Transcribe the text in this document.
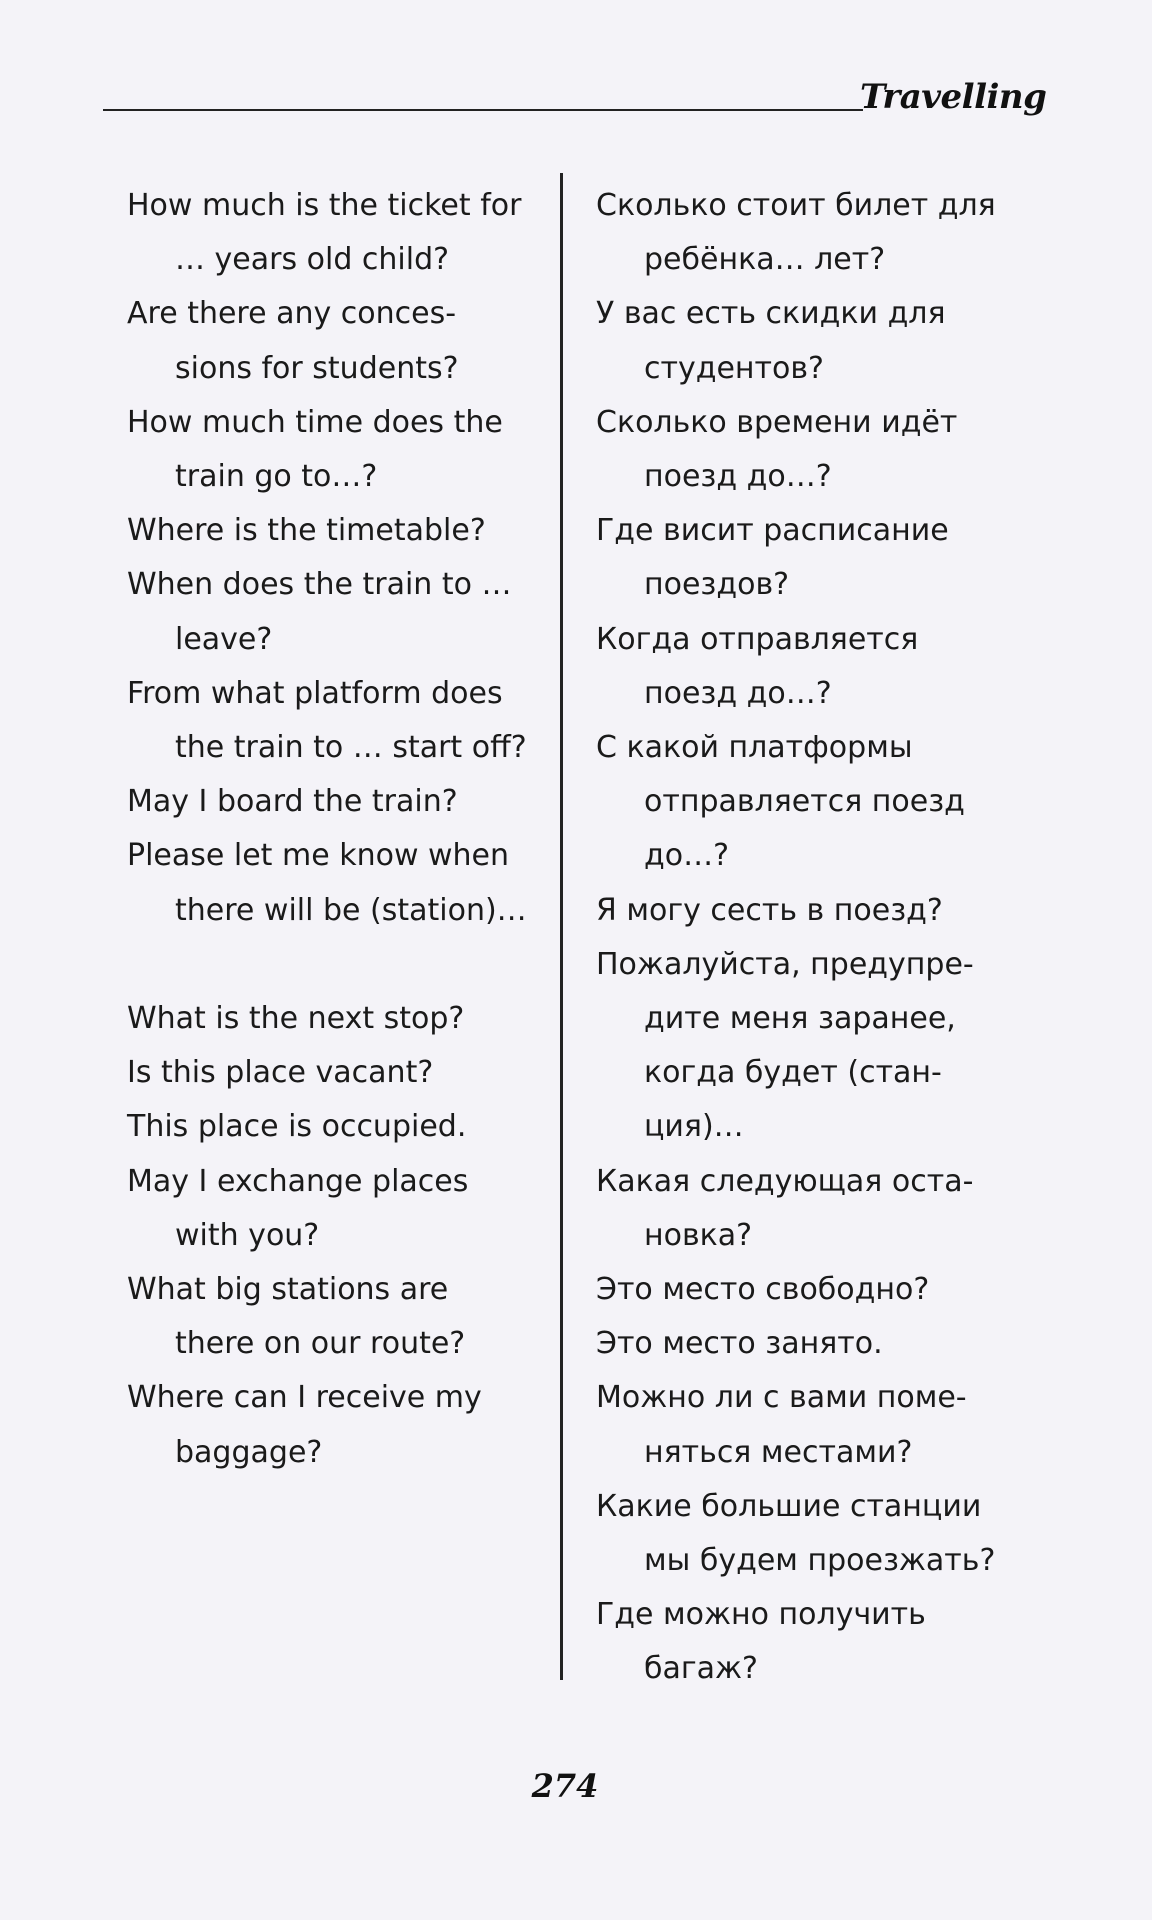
Travelling

How much is the ticket for
… years old child?

Are there any conces-
sions for students?

How much time does the
train go to…?

Where is the timetable?

When does the train to …
leave?

From what platform does
the train to … start off?

May I board the train?

Please let me know when
there will be (station)…

What is the next stop?

Is this place vacant?

This place is occupied.

May I exchange places
with you?

What big stations are
there on our route?

Where can I receive my
baggage?

Сколько стоит билет для
ребёнка… лет?

У вас есть скидки для
студентов?

Сколько времени идёт
поезд до…?

Где висит расписание
поездов?

Когда отправляется
поезд до…?

С какой платформы
отправляется поезд
до…?

Я могу сесть в поезд?

Пожалуйста, предупре-
дите меня заранее,
когда будет (стан-
ция)…

Какая следующая оста-
новка?

Это место свободно?

Это место занято.

Можно ли с вами поме-
няться местами?

Какие большие станции
мы будем проезжать?

Где можно получить
багаж?

274
